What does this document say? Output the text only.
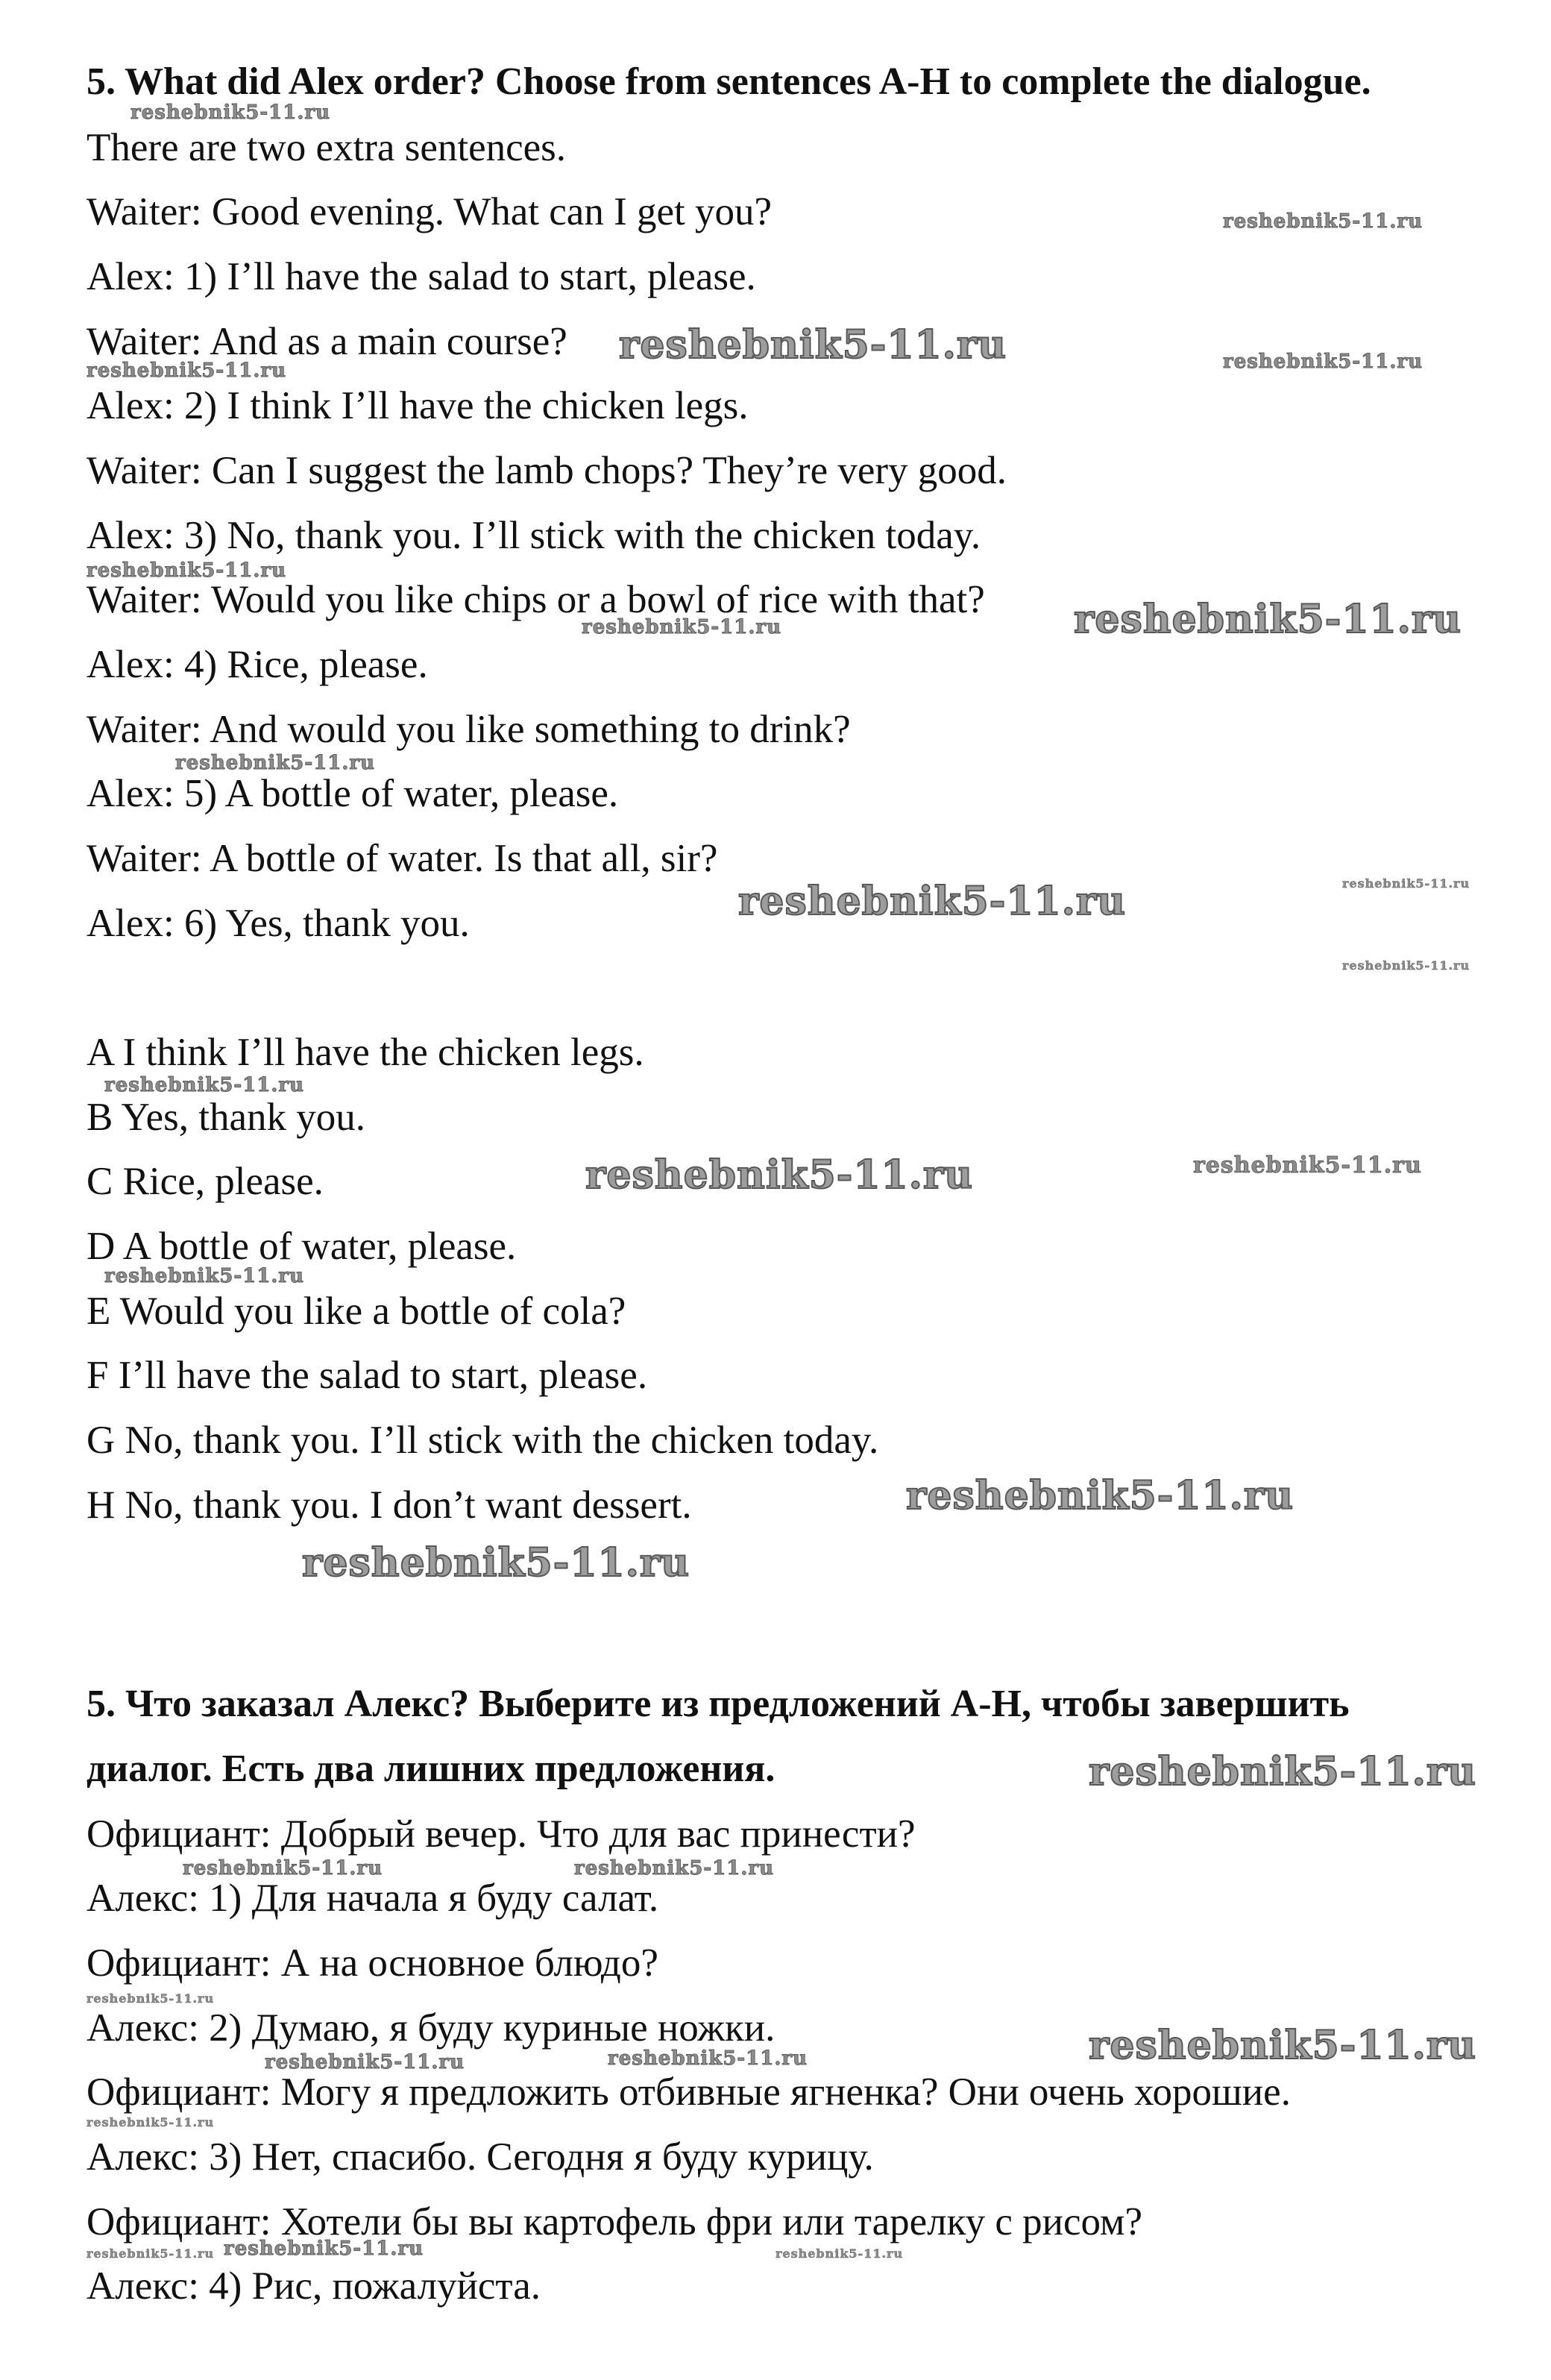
5. What did Alex order? Choose from sentences A-H to complete the dialogue.

There are two extra sentences.

Waiter: Good evening. What can I get you?

Alex: 1) I’ll have the salad to start, please.

Waiter: And as a main course?

Alex: 2) I think I’ll have the chicken legs.

Waiter: Can I suggest the lamb chops? They’re very good.

Alex: 3) No, thank you. I’ll stick with the chicken today.

Waiter: Would you like chips or a bowl of rice with that?

Alex: 4) Rice, please.

Waiter: And would you like something to drink?

Alex: 5) A bottle of water, please.

Waiter: A bottle of water. Is that all, sir?

Alex: 6) Yes, thank you.

A I think I’ll have the chicken legs.

B Yes, thank you.

C Rice, please.

D A bottle of water, please.

E Would you like a bottle of cola?

F I’ll have the salad to start, please.

G No, thank you. I’ll stick with the chicken today.

H No, thank you. I don’t want dessert.

5. Что заказал Алекс? Выберите из предложений А-Н, чтобы завершить

диалог. Есть два лишних предложения.

Официант: Добрый вечер. Что для вас принести?

Алекс: 1) Для начала я буду салат.

Официант: А на основное блюдо?

Алекс: 2) Думаю, я буду куриные ножки.

Официант: Могу я предложить отбивные ягненка? Они очень хорошие.

Алекс: 3) Нет, спасибо. Сегодня я буду курицу.

Официант: Хотели бы вы картофель фри или тарелку с рисом?

Алекс: 4) Рис, пожалуйста.

reshebnik5-11.ru
reshebnik5-11.ru
reshebnik5-11.ru
reshebnik5-11.ru	reshebnik5-11.ru
reshebnik5-11.ru
reshebnik5-11.ru	reshebnik5-11.ru
reshebnik5-11.ru
reshebnik5-11.ru
reshebnik5-11.ru
reshebnik5-11.ru
reshebnik5-11.ru
reshebnik5-11.ru	reshebnik5-11.ru
reshebnik5-11.ru
reshebnik5-11.ru
reshebnik5-11.ru
reshebnik5-11.ru
reshebnik5-11.ru	reshebnik5-11.ru
reshebnik5-11.ru
reshebnik5-11.ru
reshebnik5-11.ru	reshebnik5-11.ru
reshebnik5-11.ru
reshebnik5-11.ru reshebnik5-11.ru	reshebnik5-11.ru
